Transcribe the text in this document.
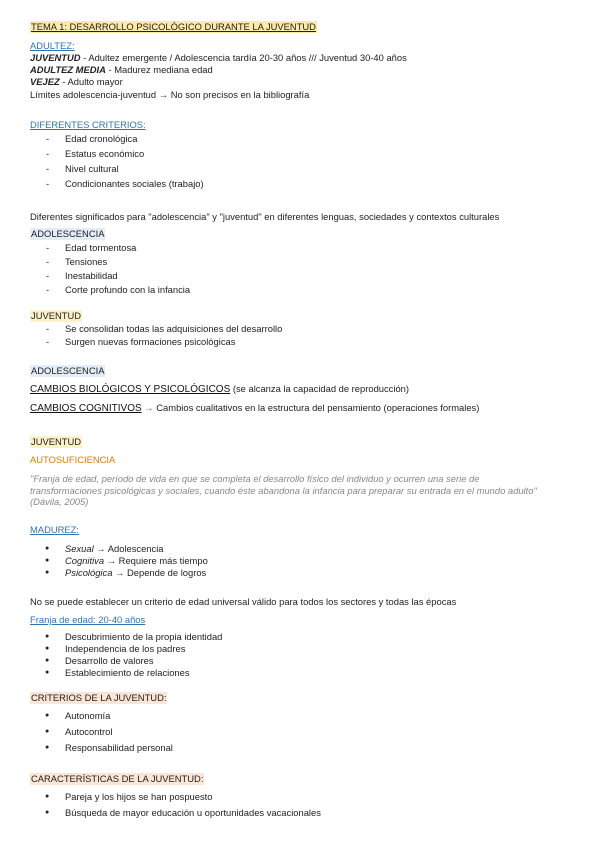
TEMA 1: DESARROLLO PSICOLÓGICO DURANTE LA JUVENTUD
ADULTEZ:
JUVENTUD - Adultez emergente / Adolescencia tardía 20-30 años /// Juventud 30-40 años
ADULTEZ MEDIA - Madurez mediana edad
VEJEZ - Adulto mayor
Límites adolescencia-juventud → No son precisos en la bibliografía
DIFERENTES CRITERIOS:
- Edad cronológica
- Estatus económico
- Nivel cultural
- Condicionantes sociales (trabajo)
Diferentes significados para "adolescencia" y "juventud" en diferentes lenguas, sociedades y contextos culturales
ADOLESCENCIA
- Edad tormentosa
- Tensiones
- Inestabilidad
- Corte profundo con la infancia
JUVENTUD
- Se consolidan todas las adquisiciones del desarrollo
- Surgen nuevas formaciones psicológicas
ADOLESCENCIA
CAMBIOS BIOLÓGICOS Y PSICOLÓGICOS (se alcanza la capacidad de reproducción)
CAMBIOS COGNITIVOS → Cambios cualitativos en la estructura del pensamiento (operaciones formales)
JUVENTUD
AUTOSUFICIENCIA
"Franja de edad, período de vida en que se completa el desarrollo físico del individuo y ocurren una serie de transformaciones psicológicas y sociales, cuando éste abandona la infancia para preparar su entrada en el mundo adulto" (Dávila, 2005)
MADUREZ:
● Sexual → Adolescencia
● Cognitiva → Requiere más tiempo
● Psicológica → Depende de logros
No se puede establecer un criterio de edad universal válido para todos los sectores y todas las épocas
Franja de edad: 20-40 años
● Descubrimiento de la propia identidad
● Independencia de los padres
● Desarrollo de valores
● Establecimiento de relaciones
CRITERIOS DE LA JUVENTUD:
● Autonomía
● Autocontrol
● Responsabilidad personal
CARACTERÍSTICAS DE LA JUVENTUD:
● Pareja y los hijos se han pospuesto
● Búsqueda de mayor educación u oportunidades vacacionales
